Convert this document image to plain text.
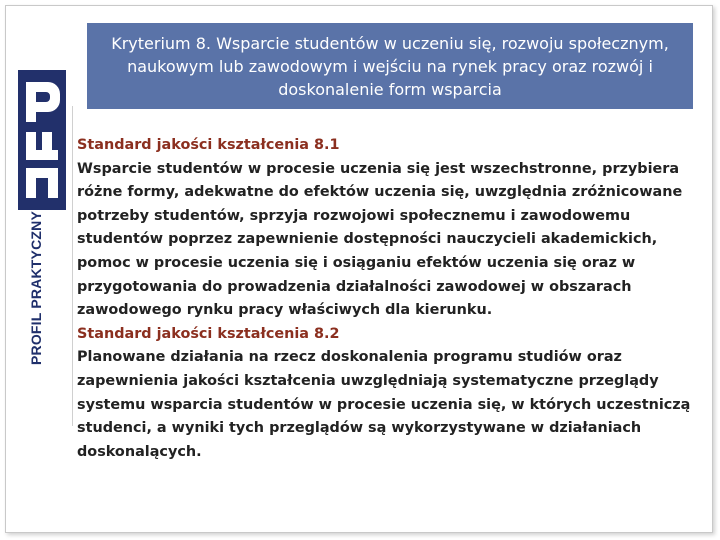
PROFIL PRAKTYCZNY
Kryterium 8. Wsparcie studentów w uczeniu się, rozwoju społecznym, naukowym lub zawodowym i wejściu na rynek pracy oraz rozwój i doskonalenie form wsparcia

Standard jakości kształcenia 8.1

Wsparcie studentów w procesie uczenia się jest wszechstronne, przybiera różne formy, adekwatne do efektów uczenia się, uwzględnia zróżnicowane potrzeby studentów, sprzyja rozwojowi społecznemu i zawodowemu studentów poprzez zapewnienie dostępności nauczycieli akademickich, pomoc w procesie uczenia się i osiąganiu efektów uczenia się oraz w przygotowania do prowadzenia działalności zawodowej w obszarach zawodowego rynku pracy właściwych dla kierunku.

Standard jakości kształcenia 8.2

Planowane działania na rzecz doskonalenia programu studiów oraz zapewnienia jakości kształcenia uwzględniają systematyczne przeglądy systemu wsparcia studentów w procesie uczenia się, w których uczestniczą studenci, a wyniki tych przeglądów są wykorzystywane w działaniach doskonalących.
